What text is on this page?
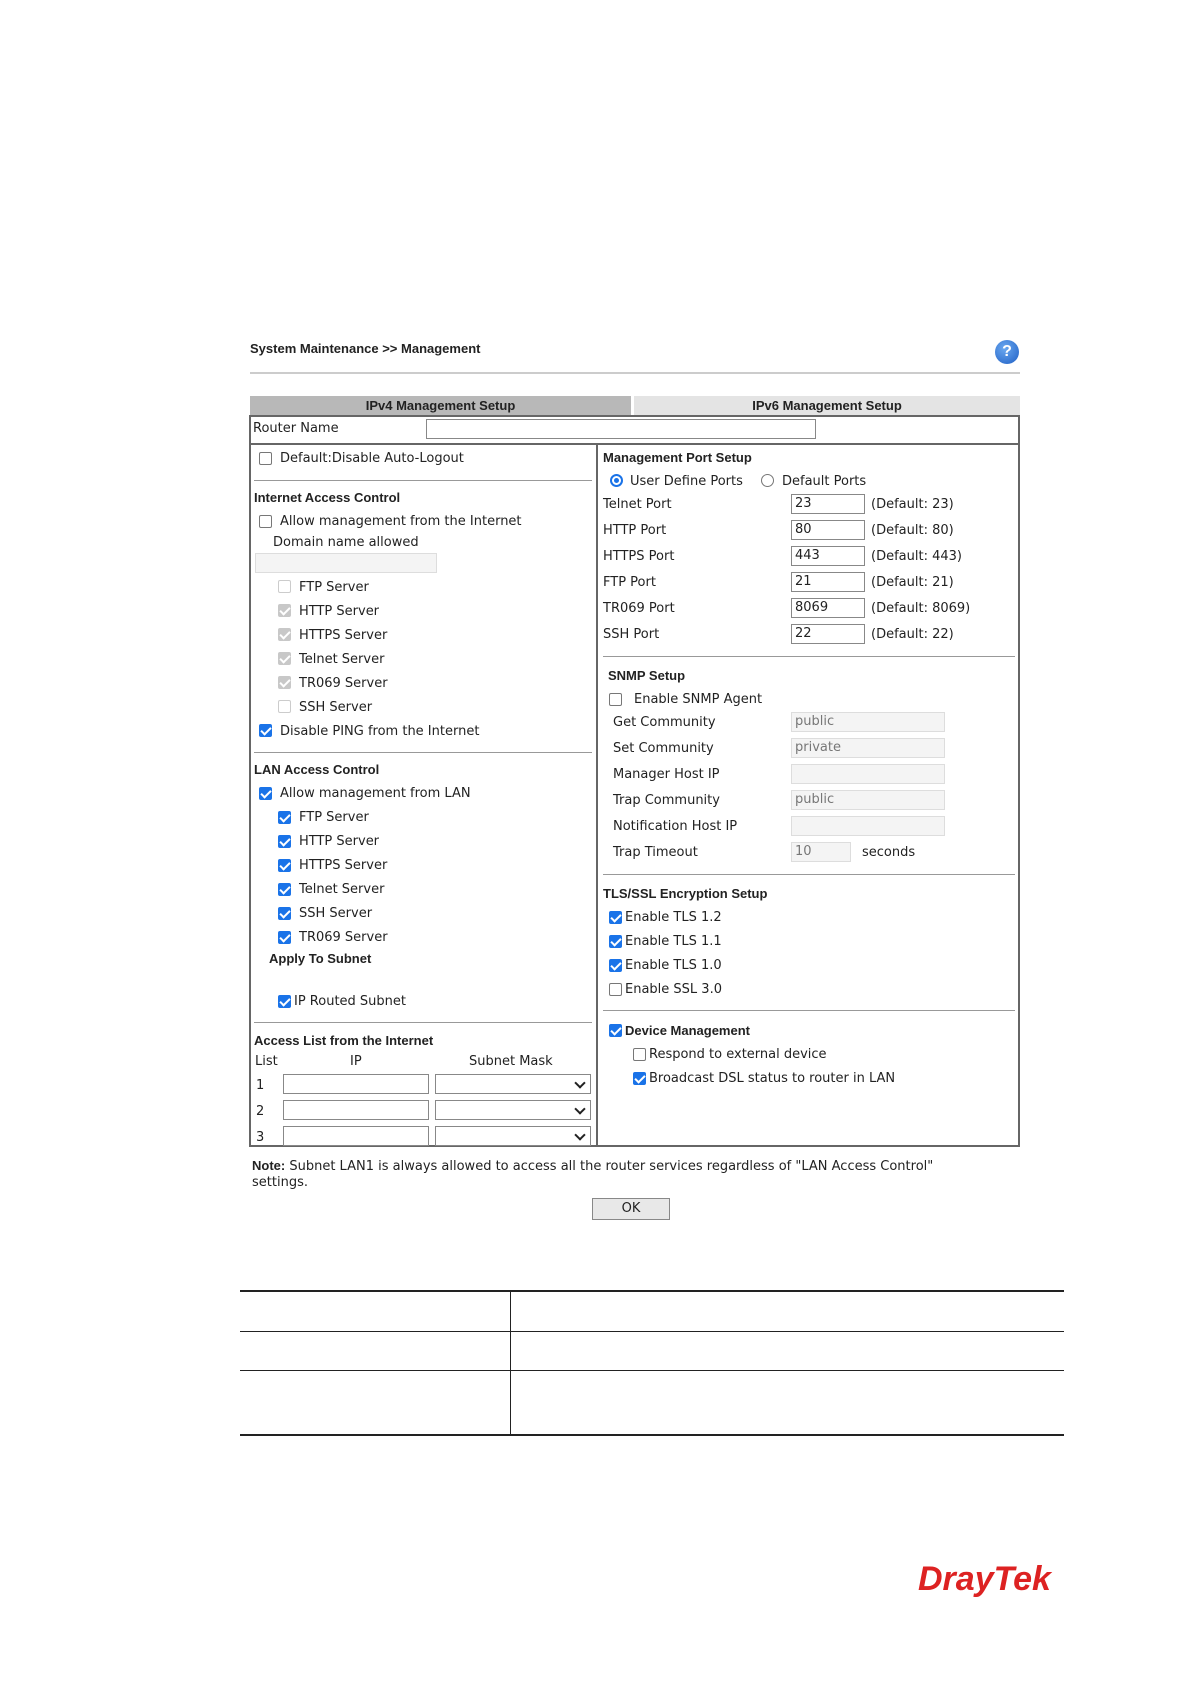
System Maintenance >> Management	?
IPv4 Management Setup	IPv6 Management Setup
Router Name
Default:Disable Auto-Logout
Internet Access Control
Allow management from the Internet
Domain name allowed
FTP Server
HTTP Server
HTTPS Server
Telnet Server
TR069 Server
SSH Server
Disable PING from the Internet
LAN Access Control
Allow management from LAN
FTP Server
HTTP Server
HTTPS Server
Telnet Server
SSH Server
TR069 Server
Apply To Subnet
IP Routed Subnet
Access List from the Internet
List	IP	Subnet Mask
1
2
3
Management Port Setup
User Define Ports	Default Ports
Telnet Port	23	(Default: 23)
HTTP Port	80	(Default: 80)
HTTPS Port	443	(Default: 443)
FTP Port	21	(Default: 21)
TR069 Port	8069	(Default: 8069)
SSH Port	22	(Default: 22)
SNMP Setup
Enable SNMP Agent
Get Community	public
Set Community	private
Manager Host IP
Trap Community	public
Notification Host IP
Trap Timeout	10	seconds
TLS/SSL Encryption Setup
Enable TLS 1.2
Enable TLS 1.1
Enable TLS 1.0
Enable SSL 3.0
Device Management
Respond to external device
Broadcast DSL status to router in LAN
Note: Subnet LAN1 is always allowed to access all the router services regardless of "LAN Access Control"
settings.
OK
DrayTek
